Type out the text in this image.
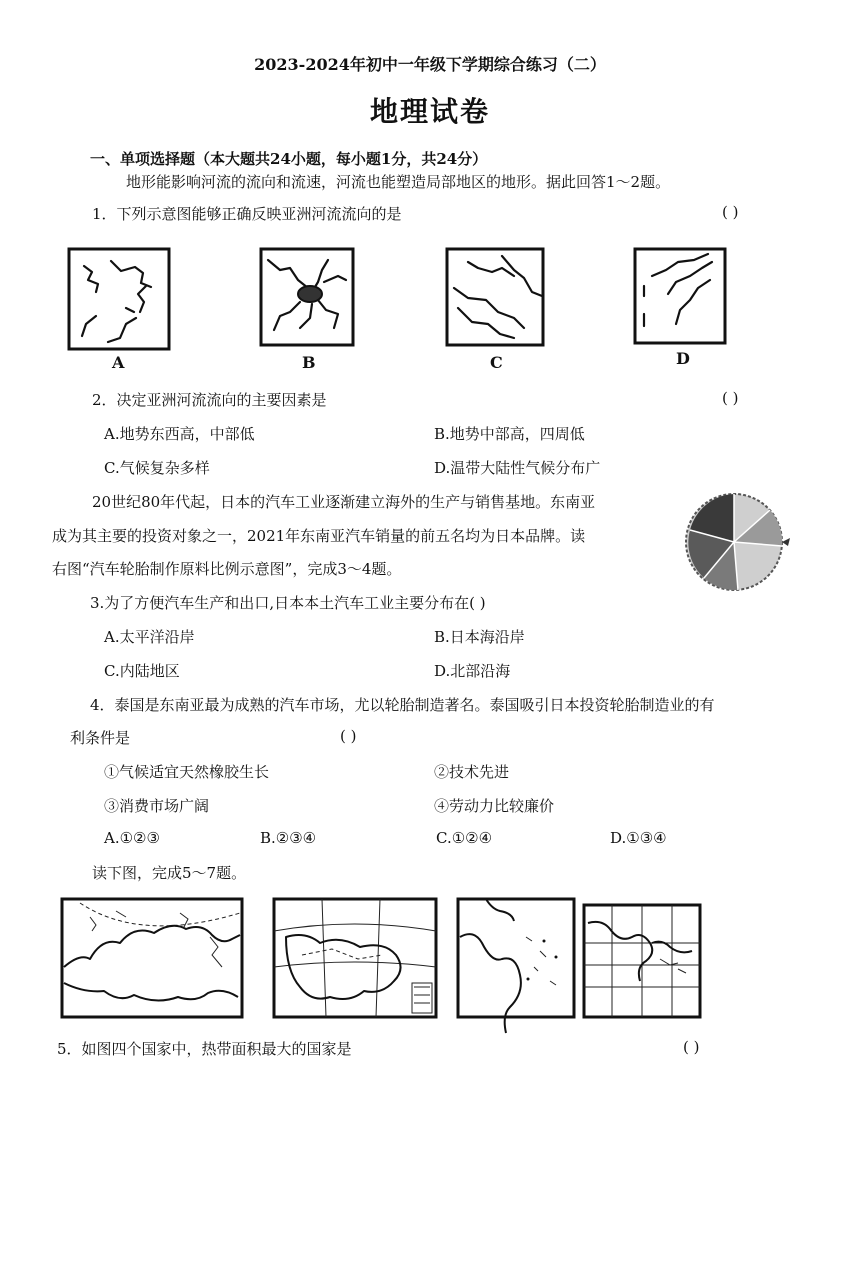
2023-2024年初中一年级下学期综合练习（二）
地理试卷
一、单项选择题（本大题共24小题，每小题1分，共24分）
地形能影响河流的流向和流速，河流也能塑造局部地区的地形。据此回答1～2题。
1．下列示意图能够正确反映亚洲河流流向的是	( )
A	B	C	D
2．决定亚洲河流流向的主要因素是	( )
A.地势东西高，中部低	B.地势中部高，四周低
C.气候复杂多样	D.温带大陆性气候分布广
20世纪80年代起，日本的汽车工业逐渐建立海外的生产与销售基地。东南亚
成为其主要的投资对象之一，2021年东南亚汽车销量的前五名均为日本品牌。读
右图“汽车轮胎制作原料比例示意图”，完成3～4题。
3.为了方便汽车生产和出口,日本本土汽车工业主要分布在( )
A.太平洋沿岸	B.日本海沿岸
C.内陆地区	D.北部沿海
4．泰国是东南亚最为成熟的汽车市场，尤以轮胎制造著名。泰国吸引日本投资轮胎制造业的有
利条件是	( )
①气候适宜天然橡胶生长	②技术先进
③消费市场广阔	④劳动力比较廉价
A.①②③	B.②③④	C.①②④	D.①③④
读下图，完成5～7题。
5．如图四个国家中，热带面积最大的国家是	( )
